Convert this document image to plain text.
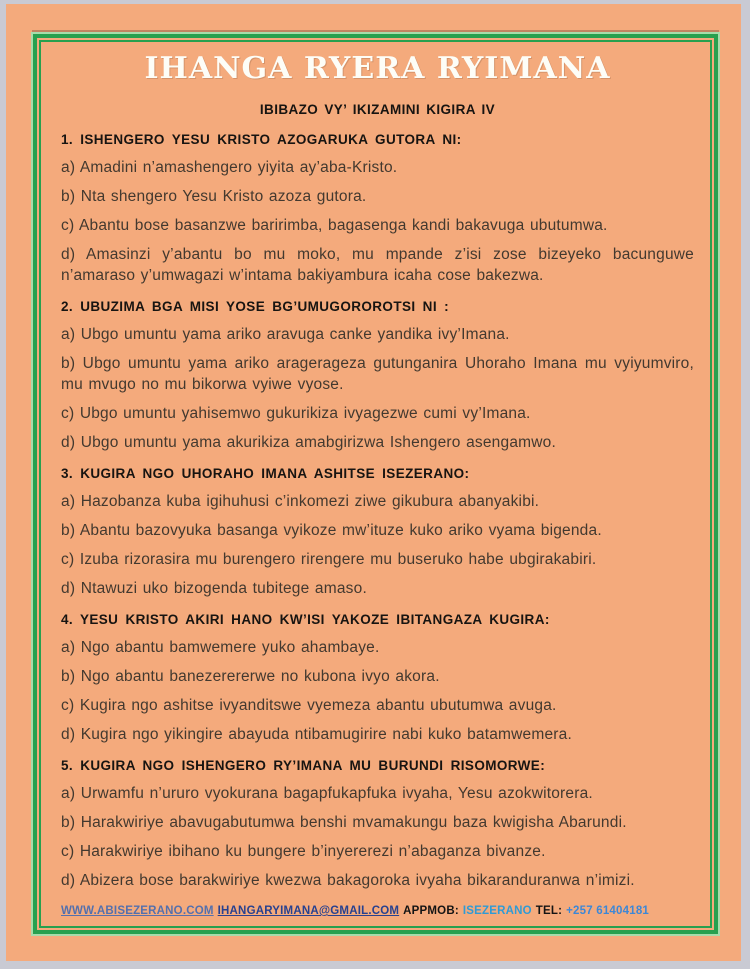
IHANGA RYERA RYIMANA
IBIBAZO VY’ IKIZAMINI KIGIRA IV
1. ISHENGERO YESU KRISTO AZOGARUKA GUTORA NI:
a) Amadini n’amashengero yiyita ay’aba-Kristo.
b) Nta shengero Yesu Kristo azoza gutora.
c) Abantu bose basanzwe baririmba, bagasenga kandi bakavuga ubutumwa.
d) Amasinzi y’abantu bo mu moko, mu mpande z’isi zose bizeyeko bacunguwe n’amaraso y’umwagazi w’intama bakiyambura icaha cose bakezwa.
2. UBUZIMA BGA MISI YOSE BG’UMUGOROROTSI NI :
a) Ubgo umuntu yama ariko aravuga canke yandika ivy’Imana.
b) Ubgo umuntu yama ariko aragerageza gutunganira Uhoraho Imana mu vyiyumviro, mu mvugo no mu bikorwa vyiwe vyose.
c) Ubgo umuntu yahisemwo gukurikiza ivyagezwe cumi vy’Imana.
d) Ubgo umuntu yama akurikiza amabgirizwa Ishengero asengamwo.
3. KUGIRA NGO UHORAHO IMANA ASHITSE ISEZERANO:
a) Hazobanza kuba igihuhusi c’inkomezi ziwe gikubura abanyakibi.
b) Abantu bazovyuka basanga vyikoze mw’ituze kuko ariko vyama bigenda.
c) Izuba rizorasira mu burengero rirengere mu buseruko habe ubgirakabiri.
d) Ntawuzi uko bizogenda tubitege amaso.
4. YESU KRISTO AKIRI HANO KW’ISI YAKOZE IBITANGAZA KUGIRA:
a) Ngo abantu bamwemere yuko ahambaye.
b) Ngo abantu banezerererwe no kubona ivyo akora.
c) Kugira ngo ashitse ivyanditswe vyemeza abantu ubutumwa avuga.
d) Kugira ngo yikingire abayuda ntibamugirire nabi kuko batamwemera.
5. KUGIRA NGO ISHENGERO RY’IMANA MU BURUNDI RISOMORWE:
a) Urwamfu n’ururo vyokurana bagapfukapfuka ivyaha, Yesu azokwitorera.
b) Harakwiriye abavugabutumwa benshi mvamakungu baza kwigisha Abarundi.
c) Harakwiriye ibihano ku bungere b’inyererezi n’abaganza bivanze.
d) Abizera bose barakwiriye kwezwa bakagoroka ivyaha bikaranduranwa n’imizi.
WWW.ABISEZERANO.COM IHANGARYIMANA@GMAIL.COM APPMOB: ISEZERANO TEL: +257 61404181
